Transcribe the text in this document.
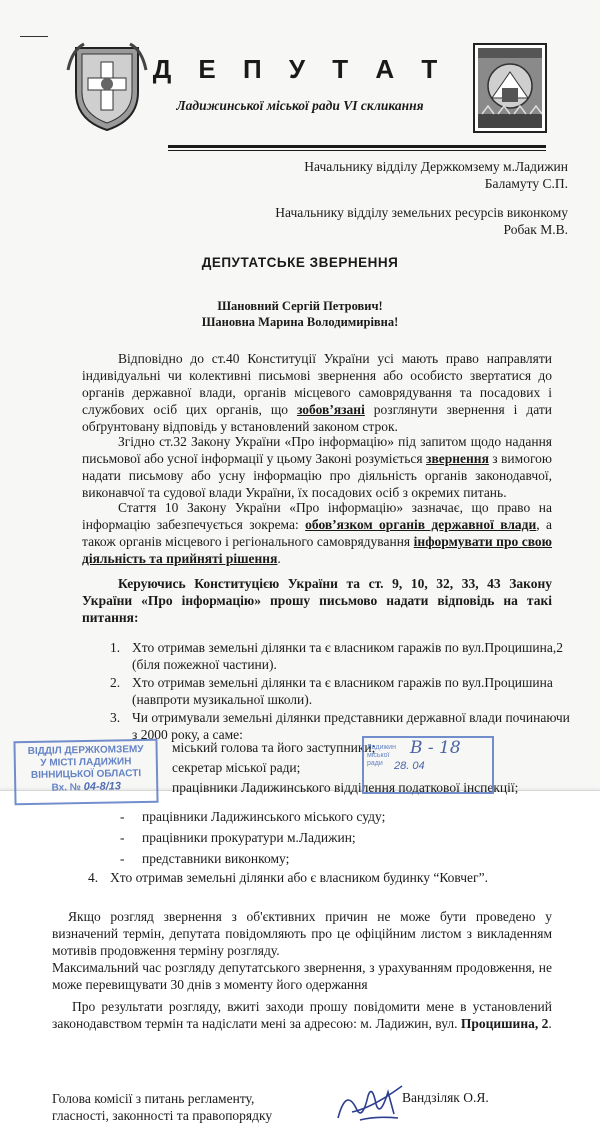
Д Е П У Т А Т
Ладижинської міської ради VI скликання
Начальнику відділу Держкомзему м.Ладижин
Баламуту С.П.
Начальнику відділу земельних ресурсів виконкому
Робак М.В.
ДЕПУТАТСЬКЕ ЗВЕРНЕННЯ
Шановний Сергій Петрович!
Шановна Марина Володимирівна!
Відповідно до ст.40 Конституції України усі мають право направляти індивідуальні чи колективні письмові звернення або особисто звертатися до органів державної влади, органів місцевого самоврядування та посадових і службових осіб цих органів, що зобов’язані розглянути звернення і дати обґрунтовану відповідь у встановлений законом строк.
Згідно ст.32 Закону України «Про інформацію» під запитом щодо надання письмової або усної інформації у цьому Законі розуміється звернення з вимогою надати письмову або усну інформацію про діяльність органів законодавчої, виконавчої та судової влади України, їх посадових осіб з окремих питань.
Стаття 10 Закону України «Про інформацію» зазначає, що право на інформацію забезпечується зокрема: обов’язком органів державної влади, а також органів місцевого і регіонального самоврядування інформувати про свою діяльність та прийняті рішення.
Керуючись Конституцією України та ст. 9, 10, 32, 33, 43 Закону України «Про інформацію» прошу письмово надати відповідь на такі питання:
1. Хто отримав земельні ділянки та є власником гаражів по вул.Процишина,2 (біля пожежної частини).
2. Хто отримав земельні ділянки та є власником гаражів по вул.Процишина (навпроти музикальної школи).
3. Чи отримували земельні ділянки представники державної влади починаючи з 2000 року, а саме:
міський голова та його заступники;
секретар міської ради;
працівники Ладижинського відділення податкової інспекції;
ВІДДІЛ ДЕРЖКОМЗЕМУ
У МІСТІ ЛАДИЖИН
ВІННИЦЬКОЇ ОБЛАСТІ
Вх. № 04-8/13
Ладижин міської ради
В - 18
28. 04
-	працівники Ладижинського міського суду;
-	працівники прокуратури м.Ладижин;
-	представники виконкому;
4. Хто отримав земельні ділянки або є власником будинку “Ковчег”.
Якщо розгляд звернення з об'єктивних причин не може бути проведено у визначений термін, депутата повідомляють про це офіційним листом з викладенням мотивів продовження терміну розгляду.
Максимальний час розгляду депутатського звернення, з урахуванням продовження, не може перевищувати 30 днів з моменту його одержання
Про результати розгляду, вжиті заходи прошу повідомити мене в установлений законодавством термін та надіслати мені за адресою: м. Ладижин, вул. Процишина, 2.
Голова комісії з питань регламенту,
гласності, законності та правопорядку
Вандзіляк О.Я.
